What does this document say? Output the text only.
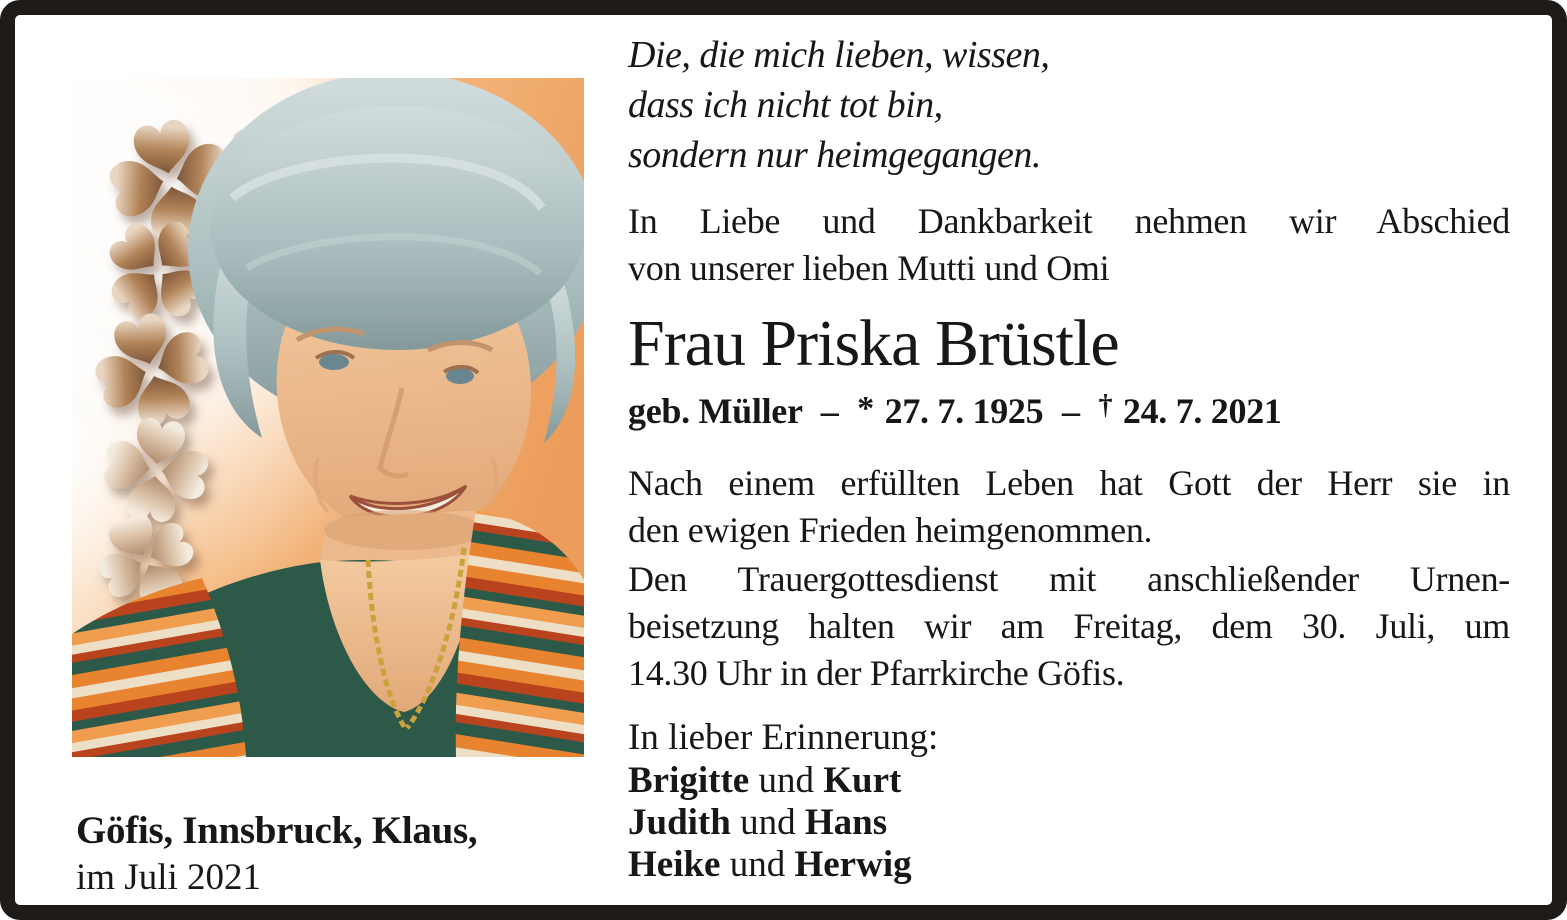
Die, die mich lieben, wissen,
dass ich nicht tot bin,
sondern nur heimgegangen.
In Liebe und Dankbarkeit nehmen wir Abschied
von unserer lieben Mutti und Omi
Frau Priska Brüstle
geb. Müller – * 27. 7. 1925 – † 24. 7. 2021
Nach einem erfüllten Leben hat Gott der Herr sie in
den ewigen Frieden heimgenommen.
Den Trauergottesdienst mit anschließender Urnen-
beisetzung halten wir am Freitag, dem 30. Juli, um
14.30 Uhr in der Pfarrkirche Göfis.
In lieber Erinnerung:
Brigitte und Kurt
Judith und Hans
Heike und Herwig
Göfis, Innsbruck, Klaus,
im Juli 2021
